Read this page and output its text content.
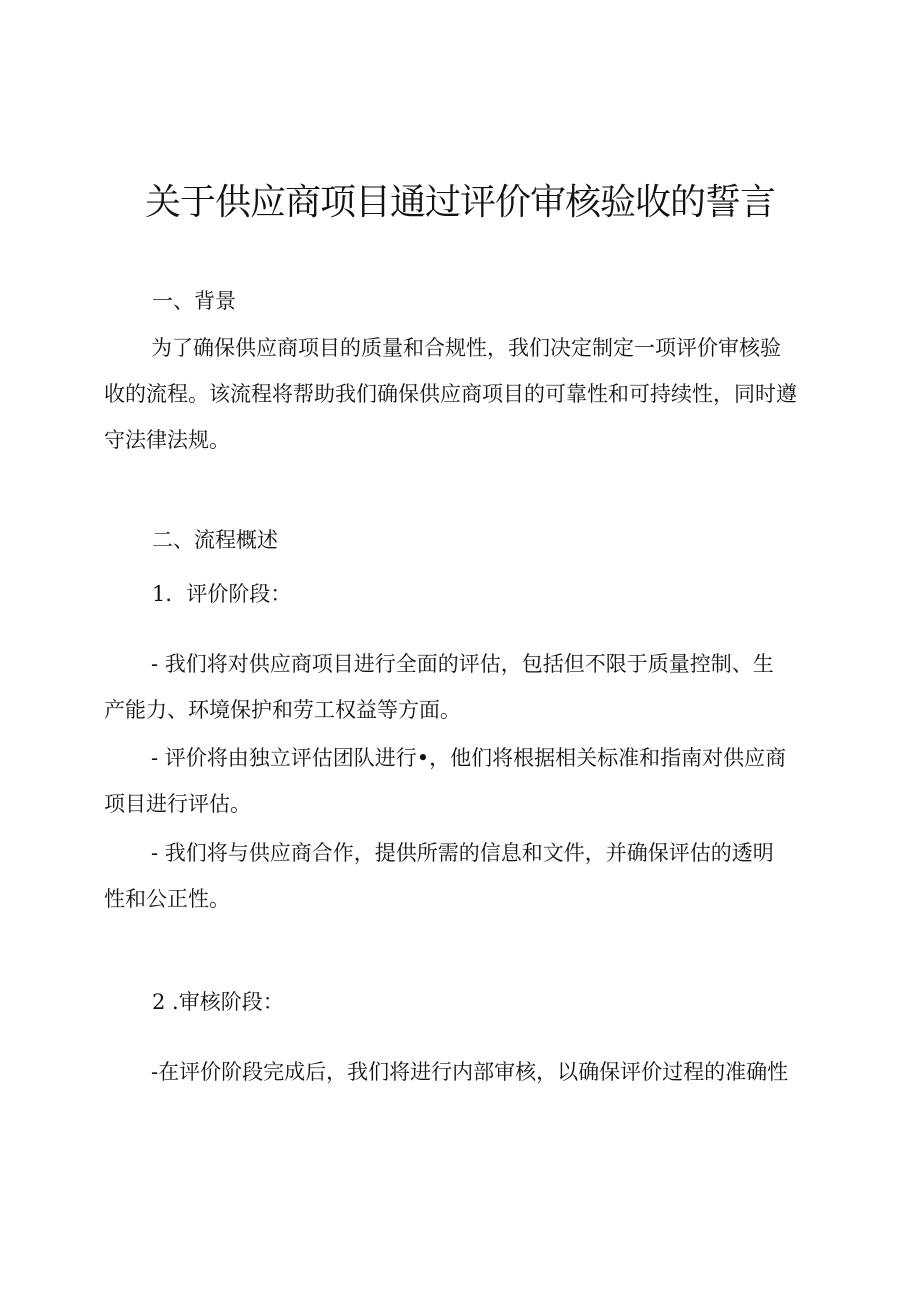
关于供应商项目通过评价审核验收的誓言

一、背景

为了确保供应商项目的质量和合规性，我们决定制定一项评价审核验
收的流程。该流程将帮助我们确保供应商项目的可靠性和可持续性，同时遵
守法律法规。

二、流程概述

1．评价阶段：

- 我们将对供应商项目进行全面的评估，包括但不限于质量控制、生
产能力、环境保护和劳工权益等方面。
- 评价将由独立评估团队进行•，他们将根据相关标准和指南对供应商
项目进行评估。
- 我们将与供应商合作，提供所需的信息和文件，并确保评估的透明
性和公正性。

2 .审核阶段：

-在评价阶段完成后，我们将进行内部审核，以确保评价过程的准确性
